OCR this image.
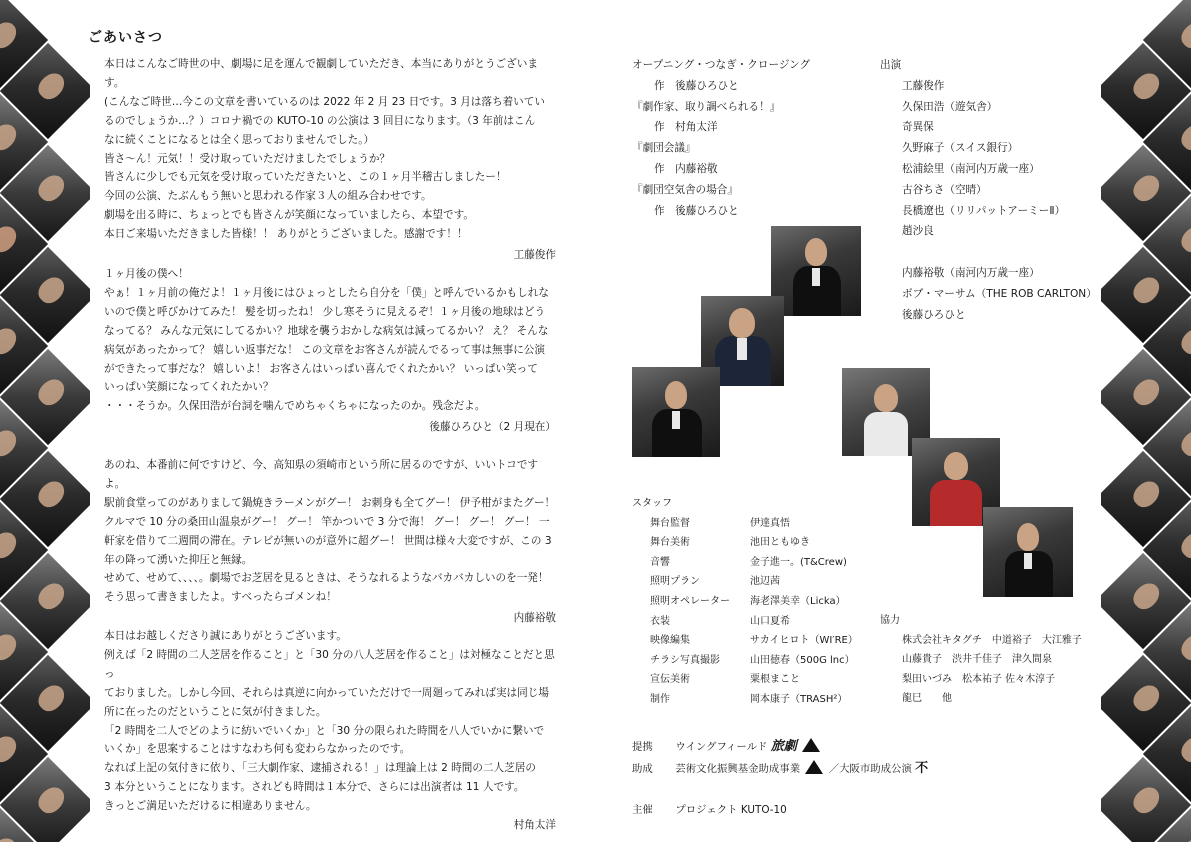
ごあいさつ

本日はこんなご時世の中、劇場に足を運んで観劇していただき、本当にありがとうございます。

(こんなご時世…今この文章を書いているのは 2022 年 2 月 23 日です。3 月は落ち着いてい

るのでしょうか…？）コロナ禍での KUTO-10 の公演は 3 回目になります。（3 年前はこん

なに続くことになるとは全く思っておりませんでした。）

皆さ〜ん！元気！！受け取っていただけましたでしょうか？

皆さんに少しでも元気を受け取っていただきたいと、この１ヶ月半稽古しましたー！

今回の公演、たぶんもう無いと思われる作家３人の組み合わせです。

劇場を出る時に、ちょっとでも皆さんが笑顔になっていましたら、本望です。

本日ご来場いただきました皆様！！ ありがとうございました。感謝です！！

工藤俊作

１ヶ月後の僕へ！

やぁ！１ヶ月前の俺だよ！１ヶ月後にはひょっとしたら自分を「僕」と呼んでいるかもしれな

いので僕と呼びかけてみた！ 髪を切ったね！ 少し寒そうに見えるぞ！１ヶ月後の地球はどう

なってる？ みんな元気にしてるかい？地球を襲うおかしな病気は減ってるかい？ え？ そんな

病気があったかって？ 嬉しい返事だな！ この文章をお客さんが読んでるって事は無事に公演

ができたって事だな？ 嬉しいよ！ お客さんはいっぱい喜んでくれたかい？ いっぱい笑って

いっぱい笑顔になってくれたかい？

・・・そうか。久保田浩が台詞を噛んでめちゃくちゃになったのか。残念だよ。

後藤ひろひと（2 月現在）

あのね、本番前に何ですけど、今、高知県の須崎市という所に居るのですが、いいトコですよ。

駅前食堂ってのがありまして鍋焼きラーメンがグー！ お刺身も全てグー！ 伊予柑がまたグー！

クルマで 10 分の桑田山温泉がグー！ グー！ 竿かついで 3 分で海！ グー！ グー！ グー！ 一

軒家を借りて二週間の滞在。テレビが無いのが意外に超グー！ 世間は様々大変ですが、この 3

年の降って湧いた抑圧と無縁。

せめて、せめて、、、、。劇場でお芝居を見るときは、そうなれるようなバカバカしいのを一発！

そう思って書きましたよ。すべったらゴメンね！

内藤裕敬

本日はお越しくださり誠にありがとうございます。

例えば「2 時間の二人芝居を作ること」と「30 分の八人芝居を作ること」は対極なことだと思っ

ておりました。しかし今回、それらは真逆に向かっていただけで一周廻ってみれば実は同じ場

所に在ったのだということに気が付きました。

「2 時間を二人でどのように紡いでいくか」と「30 分の限られた時間を八人でいかに繋いで

いくか」を思案することはすなわち何も変わらなかったのです。

なれば上記の気付きに依り、「三大劇作家、逮捕される！」は理論上は 2 時間の二人芝居の

3 本分ということになります。されども時間は１本分で、さらには出演者は 11 人です。

きっとご満足いただけるに相違ありません。

村角太洋

オープニング・つなぎ・クロージング
作　後藤ひろひと
『劇作家、取り調べられる！』
作　村角太洋
『劇団会議』
作　内藤裕敬
『劇団空気舎の場合』
作　後藤ひろひと
出演
工藤俊作
久保田浩（遊気舎）
奇異保
久野麻子（スイス銀行）
松浦絵里（南河内万歳一座）
古谷ちさ（空晴）
長橋遼也（リリパットアーミーⅡ）
趙沙良
内藤裕敬（南河内万歳一座）
ボブ・マーサム（THE ROB CARLTON）
後藤ひろひと
スタッフ
舞台監督	伊達真悟
舞台美術	池田ともゆき
音響	金子進一。(T&Crew)
照明プラン	池辺茜
照明オペレーター	海老澤美幸（Licka）
衣装	山口夏希
映像編集	サカイヒロト（WI′RE）
チラシ写真撮影	山田徳春（500G lnc）
宣伝美術	粟根まこと
制作	岡本康子（TRASH²）
協力
株式会社キタグチ　中道裕子　大江雅子
山藤貴子　渋井千佳子　津久間泉
梨田いづみ　松本祐子 佐々木淳子
龍巳　　他
提携 ウイングフィールド 旅劇
助成 芸術文化振興基金助成事業	／大阪市助成公演 不
主催 プロジェクト KUTO-10
